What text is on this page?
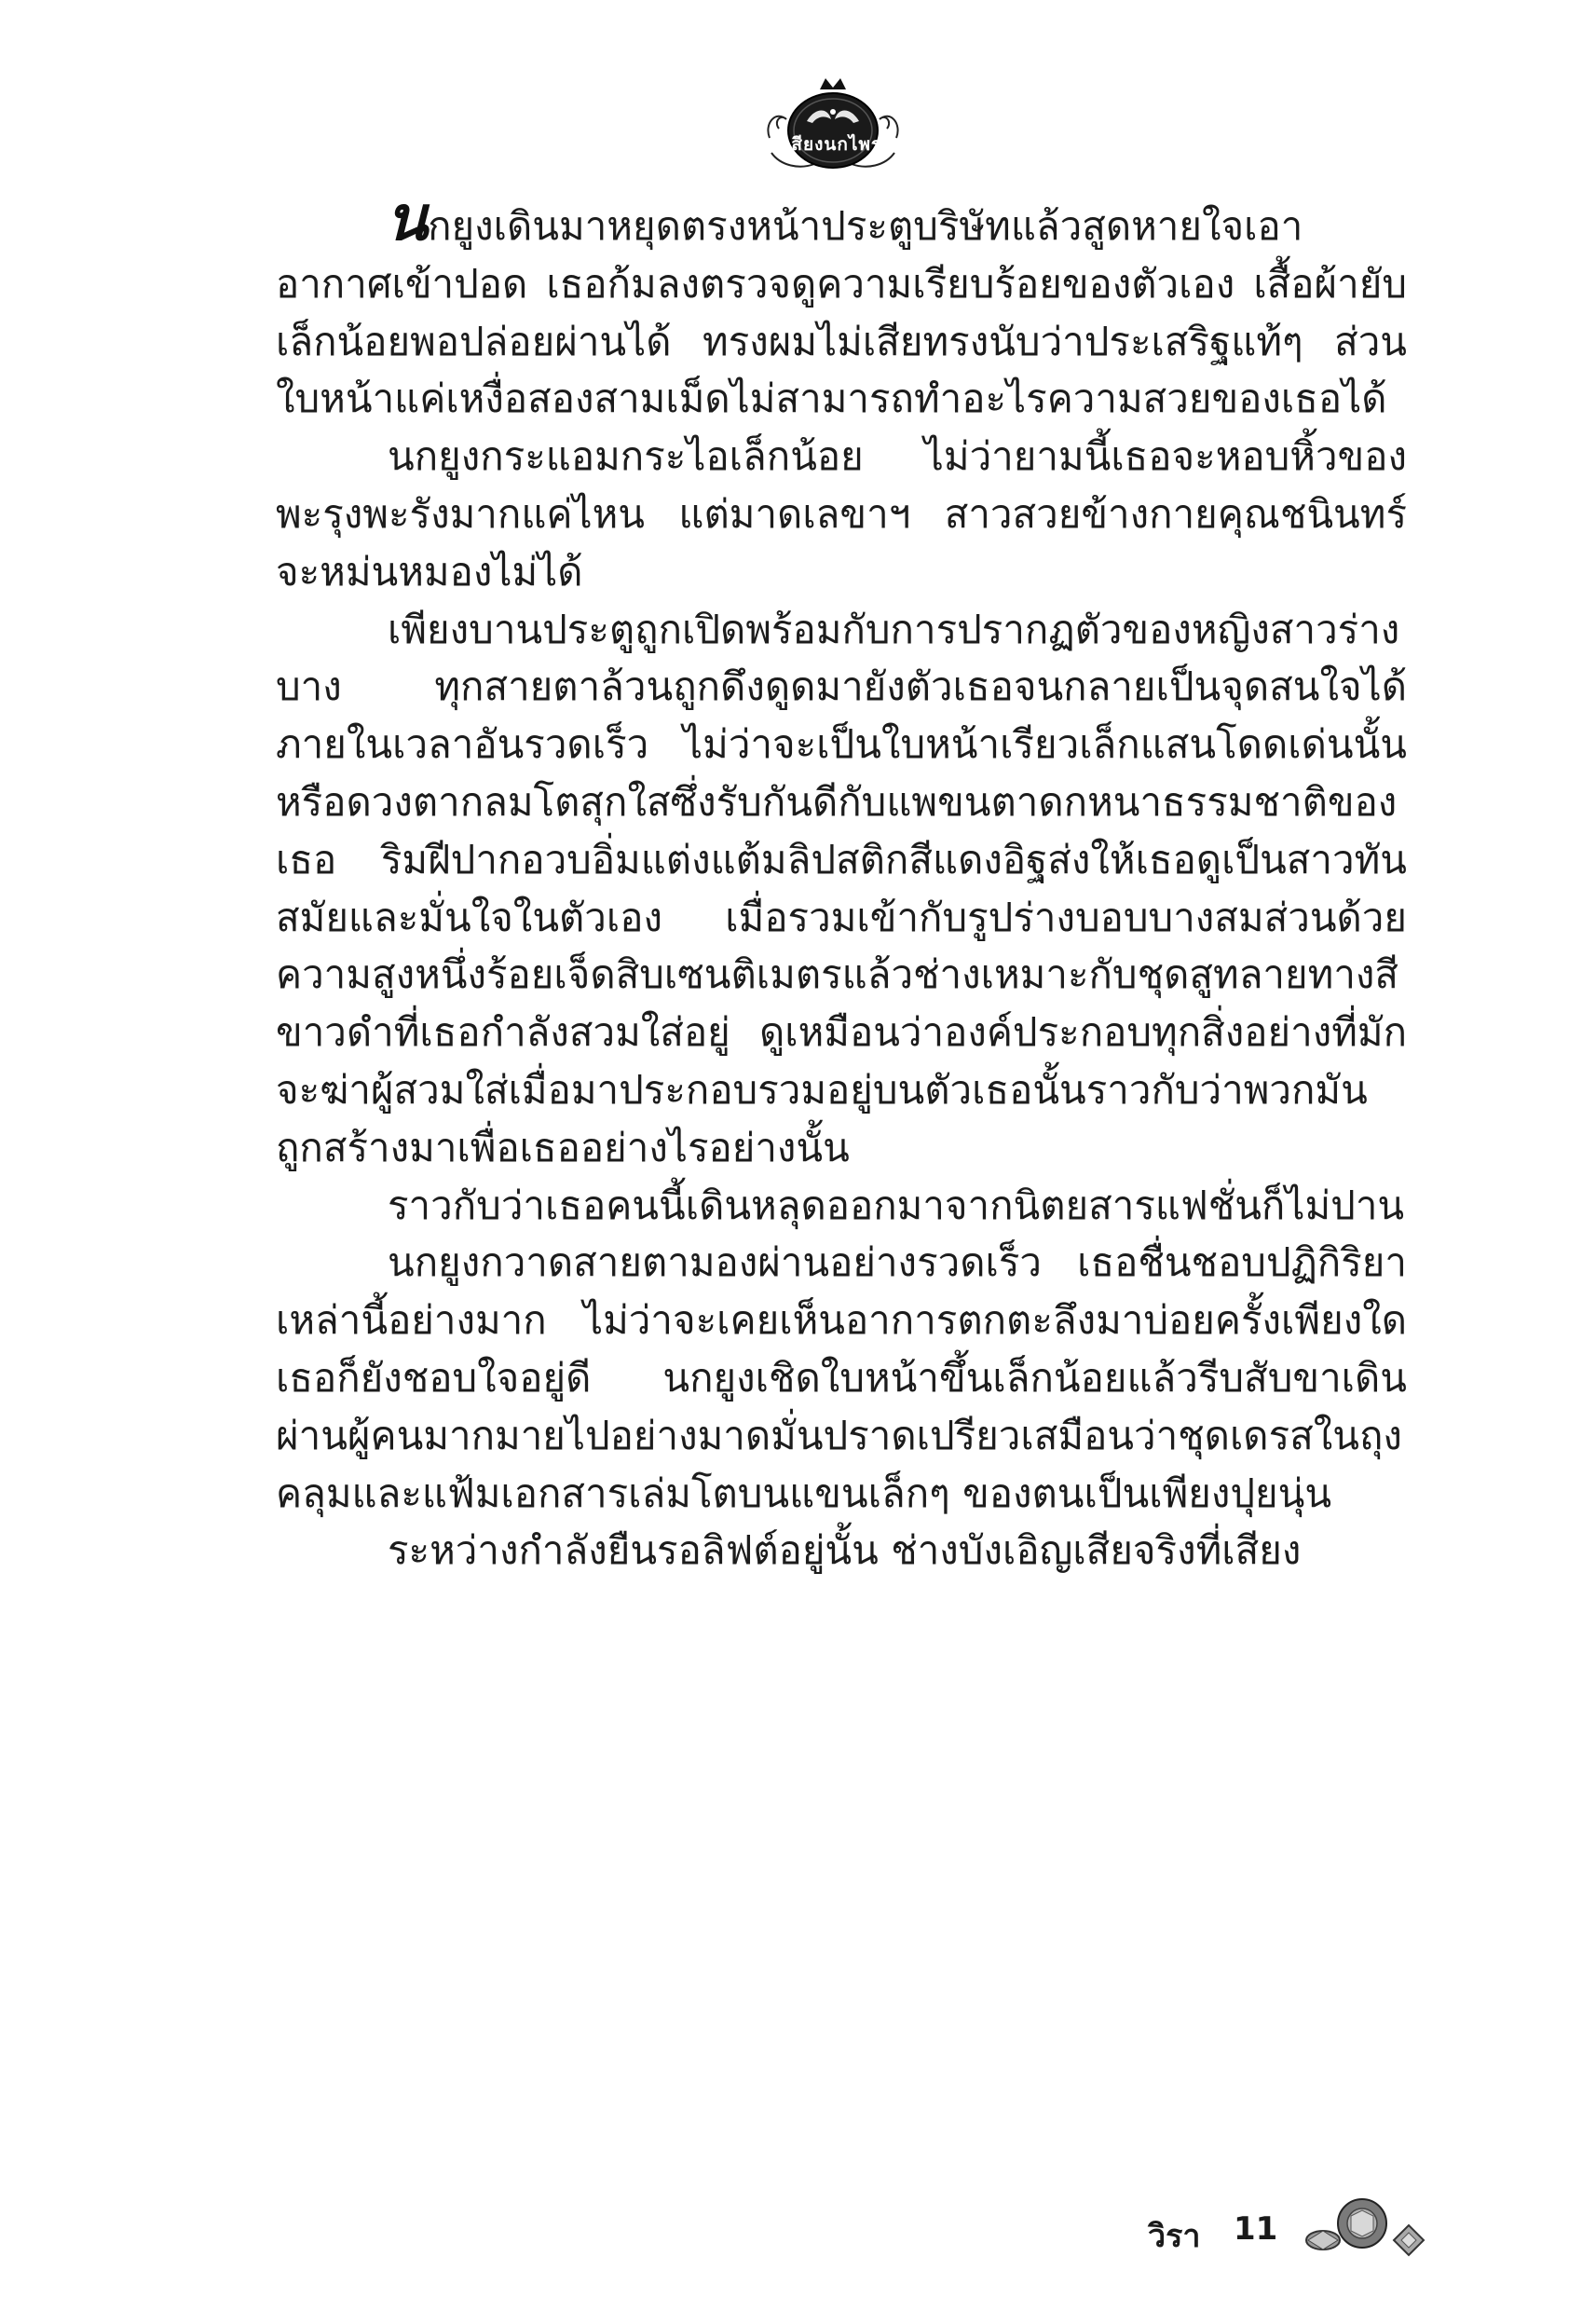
เสียงนกไพร

นกยูงเดินมาหยุดตรงหน้าประตูบริษัทแล้วสูดหายใจเอาอากาศเข้าปอด เธอก้มลงตรวจดูความเรียบร้อยของตัวเอง เสื้อผ้ายับเล็กน้อยพอปล่อยผ่านได้ ทรงผมไม่เสียทรงนับว่าประเสริฐแท้ๆ ส่วนใบหน้าแค่เหงื่อสองสามเม็ดไม่สามารถทำอะไรความสวยของเธอได้

นกยูงกระแอมกระไอเล็กน้อย ไม่ว่ายามนี้เธอจะหอบหิ้วของพะรุงพะรังมากแค่ไหน แต่มาดเลขาฯ สาวสวยข้างกายคุณชนินทร์จะหม่นหมองไม่ได้

เพียงบานประตูถูกเปิดพร้อมกับการปรากฏตัวของหญิงสาวร่างบาง ทุกสายตาล้วนถูกดึงดูดมายังตัวเธอจนกลายเป็นจุดสนใจได้ภายในเวลาอันรวดเร็ว ไม่ว่าจะเป็นใบหน้าเรียวเล็กแสนโดดเด่นนั้น หรือดวงตากลมโตสุกใสซึ่งรับกันดีกับแพขนตาดกหนาธรรมชาติของเธอ ริมฝีปากอวบอิ่มแต่งแต้มลิปสติกสีแดงอิฐส่งให้เธอดูเป็นสาวทันสมัยและมั่นใจในตัวเอง เมื่อรวมเข้ากับรูปร่างบอบบางสมส่วนด้วยความสูงหนึ่งร้อยเจ็ดสิบเซนติเมตรแล้วช่างเหมาะกับชุดสูทลายทางสีขาวดำที่เธอกำลังสวมใส่อยู่ ดูเหมือนว่าองค์ประกอบทุกสิ่งอย่างที่มักจะฆ่าผู้สวมใส่เมื่อมาประกอบรวมอยู่บนตัวเธอนั้นราวกับว่าพวกมันถูกสร้างมาเพื่อเธออย่างไรอย่างนั้น

ราวกับว่าเธอคนนี้เดินหลุดออกมาจากนิตยสารแฟชั่นก็ไม่ปาน

นกยูงกวาดสายตามองผ่านอย่างรวดเร็ว เธอชื่นชอบปฏิกิริยาเหล่านี้อย่างมาก ไม่ว่าจะเคยเห็นอาการตกตะลึงมาบ่อยครั้งเพียงใดเธอก็ยังชอบใจอยู่ดี นกยูงเชิดใบหน้าขึ้นเล็กน้อยแล้วรีบสับขาเดินผ่านผู้คนมากมายไปอย่างมาดมั่นปราดเปรียวเสมือนว่าชุดเดรสในถุงคลุมและแฟ้มเอกสารเล่มโตบนแขนเล็กๆ ของตนเป็นเพียงปุยนุ่น

ระหว่างกำลังยืนรอลิฟต์อยู่นั้น ช่างบังเอิญเสียจริงที่เสียง

วิรา 11
